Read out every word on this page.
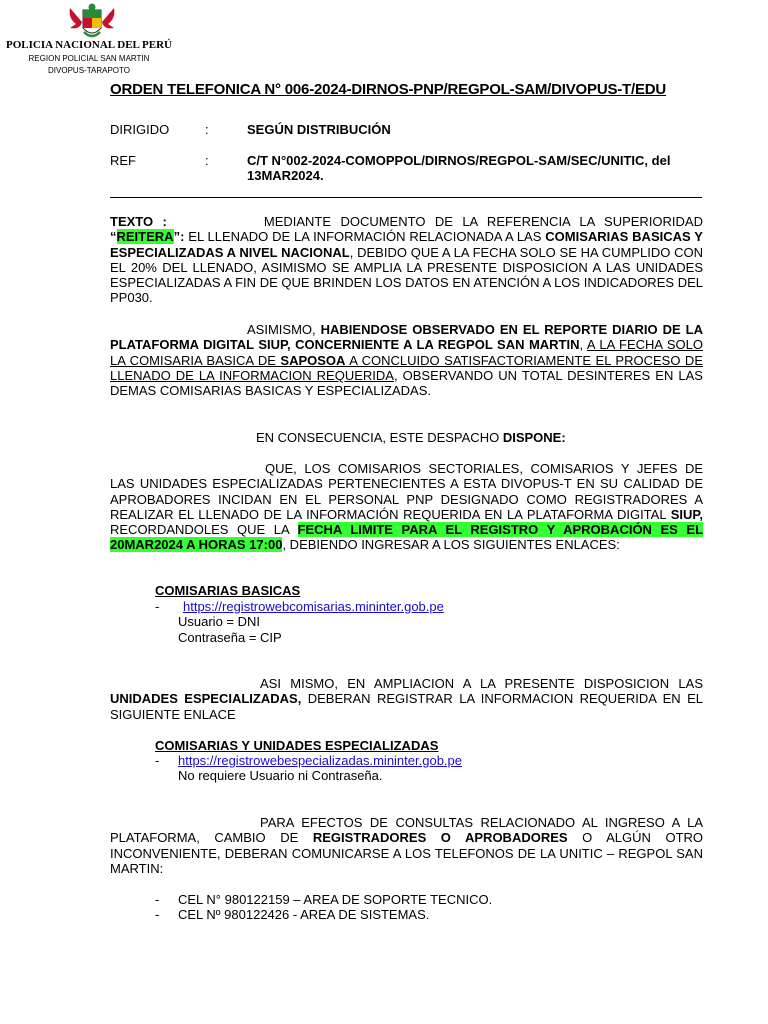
POLICIA NACIONAL DEL PERÚ
REGION POLICIAL SAN MARTIN
DIVOPUS-TARAPOTO
ORDEN TELEFONICA N° 006-2024-DIRNOS-PNP/REGPOL-SAM/DIVOPUS-T/EDU
DIRIGIDO	:	SEGÚN DISTRIBUCIÓN
REF	:	C/T N°002-2024-COMOPPOL/DIRNOS/REGPOL-SAM/SEC/UNITIC, del 13MAR2024.
TEXTO :	MEDIANTE DOCUMENTO DE LA REFERENCIA LA SUPERIORIDAD “REITERA”: EL LLENADO DE LA INFORMACIÓN RELACIONADA A LAS COMISARIAS BASICAS Y ESPECIALIZADAS A NIVEL NACIONAL, DEBIDO QUE A LA FECHA SOLO SE HA CUMPLIDO CON EL 20% DEL LLENADO, ASIMISMO SE AMPLIA LA PRESENTE DISPOSICION A LAS UNIDADES ESPECIALIZADAS A FIN DE QUE BRINDEN LOS DATOS EN ATENCIÓN A LOS INDICADORES DEL PP030.
ASIMISMO, HABIENDOSE OBSERVADO EN EL REPORTE DIARIO DE LA PLATAFORMA DIGITAL SIUP, CONCERNIENTE A LA REGPOL SAN MARTIN, A LA FECHA SOLO LA COMISARIA BASICA DE SAPOSOA A CONCLUIDO SATISFACTORIAMENTE EL PROCESO DE LLENADO DE LA INFORMACION REQUERIDA, OBSERVANDO UN TOTAL DESINTERES EN LAS DEMAS COMISARIAS BASICAS Y ESPECIALIZADAS.
EN CONSECUENCIA, ESTE DESPACHO DISPONE:
QUE, LOS COMISARIOS SECTORIALES, COMISARIOS Y JEFES DE LAS UNIDADES ESPECIALIZADAS PERTENECIENTES A ESTA DIVOPUS-T EN SU CALIDAD DE APROBADORES INCIDAN EN EL PERSONAL PNP DESIGNADO COMO REGISTRADORES A REALIZAR EL LLENADO DE LA INFORMACIÓN REQUERIDA EN LA PLATAFORMA DIGITAL SIUP, RECORDANDOLES QUE LA FECHA LIMITE PARA EL REGISTRO Y APROBACIÓN ES EL 20MAR2024 A HORAS 17:00, DEBIENDO INGRESAR A LOS SIGUIENTES ENLACES:
COMISARIAS BASICAS
- https://registrowebcomisarias.mininter.gob.pe
Usuario = DNI
Contraseña = CIP
ASI MISMO, EN AMPLIACION A LA PRESENTE DISPOSICION LAS UNIDADES ESPECIALIZADAS, DEBERAN REGISTRAR LA INFORMACION REQUERIDA EN EL SIGUIENTE ENLACE
COMISARIAS Y UNIDADES ESPECIALIZADAS
- https://registrowebespecializadas.mininter.gob.pe
No requiere Usuario ni Contraseña.
PARA EFECTOS DE CONSULTAS RELACIONADO AL INGRESO A LA PLATAFORMA, CAMBIO DE REGISTRADORES O APROBADORES O ALGÚN OTRO INCONVENIENTE, DEBERAN COMUNICARSE A LOS TELEFONOS DE LA UNITIC – REGPOL SAN MARTIN:
- CEL N° 980122159 – AREA DE SOPORTE TECNICO.
- CEL Nº 980122426 - AREA DE SISTEMAS.
